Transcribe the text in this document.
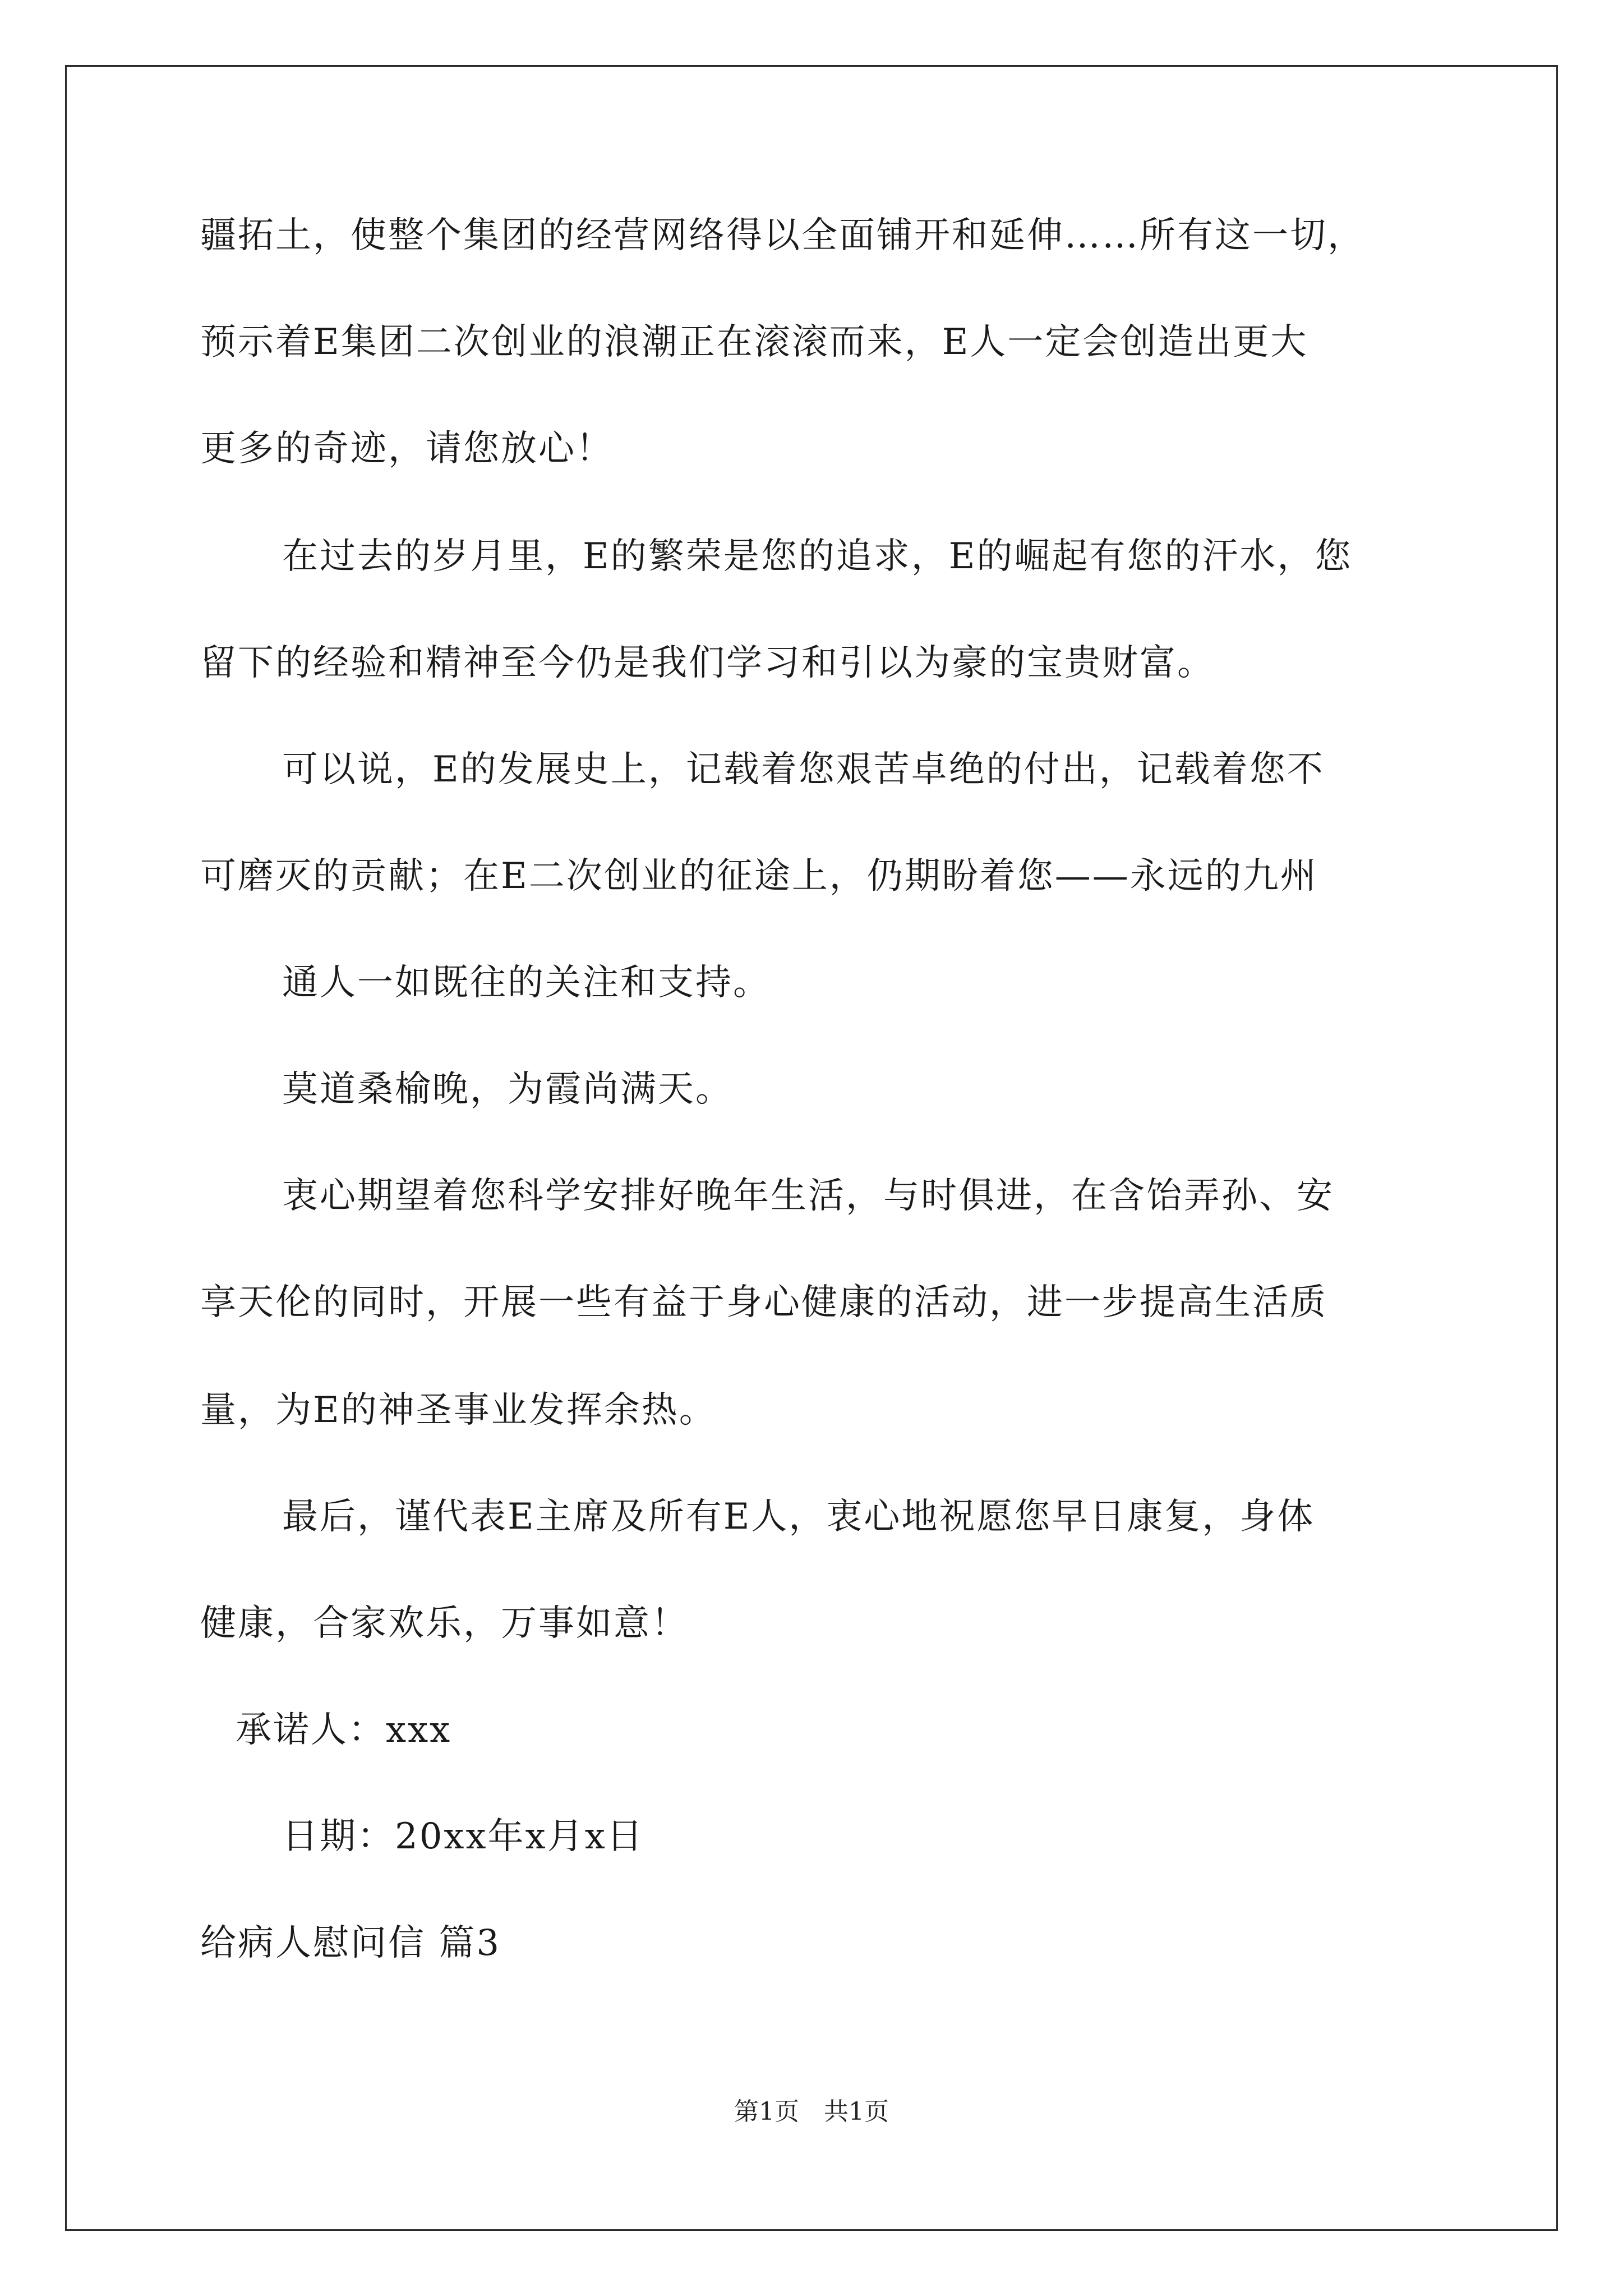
疆拓土，使整个集团的经营网络得以全面铺开和延伸……所有这一切，
预示着E集团二次创业的浪潮正在滚滚而来，E人一定会创造出更大
更多的奇迹，请您放心！
在过去的岁月里，E的繁荣是您的追求，E的崛起有您的汗水，您
留下的经验和精神至今仍是我们学习和引以为豪的宝贵财富。
可以说，E的发展史上，记载着您艰苦卓绝的付出，记载着您不
可磨灭的贡献；在E二次创业的征途上，仍期盼着您——永远的九州
通人一如既往的关注和支持。
莫道桑榆晚，为霞尚满天。
衷心期望着您科学安排好晚年生活，与时俱进，在含饴弄孙、安
享天伦的同时，开展一些有益于身心健康的活动，进一步提高生活质
量，为E的神圣事业发挥余热。
最后，谨代表E主席及所有E人，衷心地祝愿您早日康复，身体
健康，合家欢乐，万事如意！
承诺人：xxx
日期：20xx年x月x日
给病人慰问信 篇3
第1页　共1页
